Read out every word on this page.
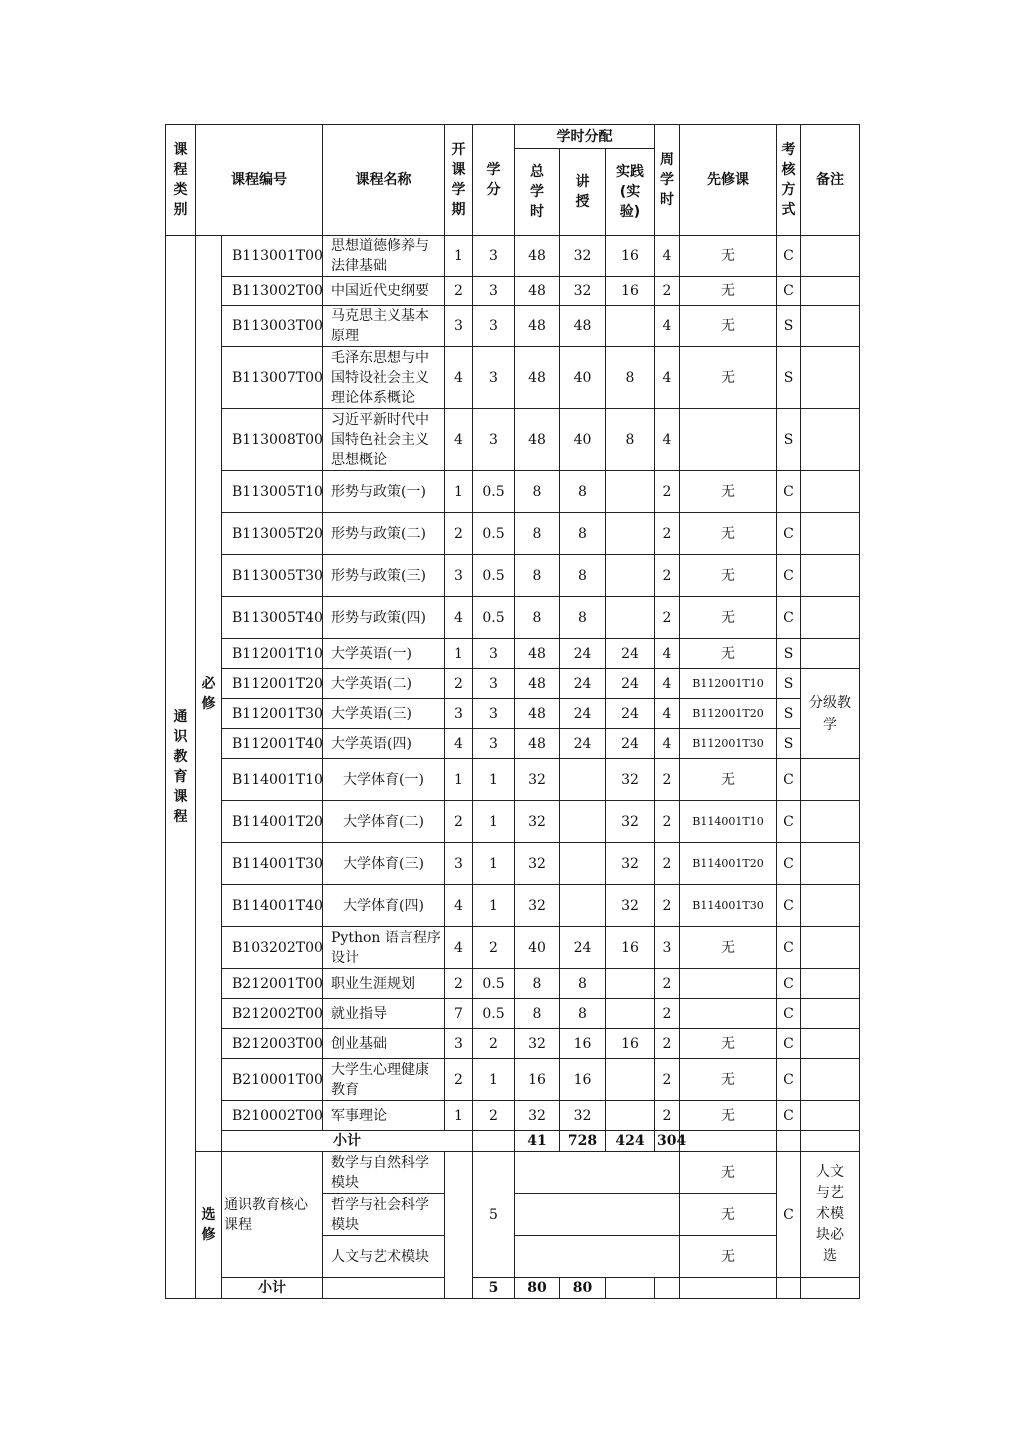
课程类别	课程编号		课程名称	开课学期	学分	学时分配			周学时	先修课	考核方式	备注	
						总学时	讲授	实践(实验)					
通识教育课程	必修	B113001T00	思想道德修养与法律基础	1	3	48	32	16	4	无	C		
		B113002T00	中国近代史纲要	2	3	48	32	16	2	无	C		
		B113003T00	马克思主义基本原理	3	3	48	48		4	无	S		
		B113007T00	毛泽东思想与中国特设社会主义理论体系概论	4	3	48	40	8	4	无	S		
		B113008T00	习近平新时代中国特色社会主义思想概论	4	3	48	40	8	4		S		
		B113005T10	形势与政策(一)	1	0.5	8	8		2	无	C		
		B113005T20	形势与政策(二)	2	0.5	8	8		2	无	C		
		B113005T30	形势与政策(三)	3	0.5	8	8		2	无	C		
		B113005T40	形势与政策(四)	4	0.5	8	8		2	无	C		
		B112001T10	大学英语(一)	1	3	48	24	24	4	无	S		
		B112001T20	大学英语(二)	2	3	48	24	24	4	B112001T10	S	分级教学	
		B112001T30	大学英语(三)	3	3	48	24	24	4	B112001T20	S		
		B112001T40	大学英语(四)	4	3	48	24	24	4	B112001T30	S		
		B114001T10	大学体育(一)	1	1	32		32	2	无	C		
		B114001T20	大学体育(二)	2	1	32		32	2	B114001T10	C		
		B114001T30	大学体育(三)	3	1	32		32	2	B114001T20	C		
		B114001T40	大学体育(四)	4	1	32		32	2	B114001T30	C		
		B103202T00	Python 语言程序设计	4	2	40	24	16	3	无	C		
		B212001T00	职业生涯规划	2	0.5	8	8		2		C		
		B212002T00	就业指导	7	0.5	8	8		2		C		
		B212003T00	创业基础	3	2	32	16	16	2	无	C		
		B210001T00	大学生心理健康教育	2	1	16	16		2	无	C		
		B210002T00	军事理论	1	2	32	32		2	无	C		
		小计				41	728	424	304				
	选修	通识教育核心课程	数学与自然科学模块		5					无	C	人文与艺术模块必选	
			哲学与社会科学模块							无			
			人文与艺术模块							无			
		小计			5	80	80						
